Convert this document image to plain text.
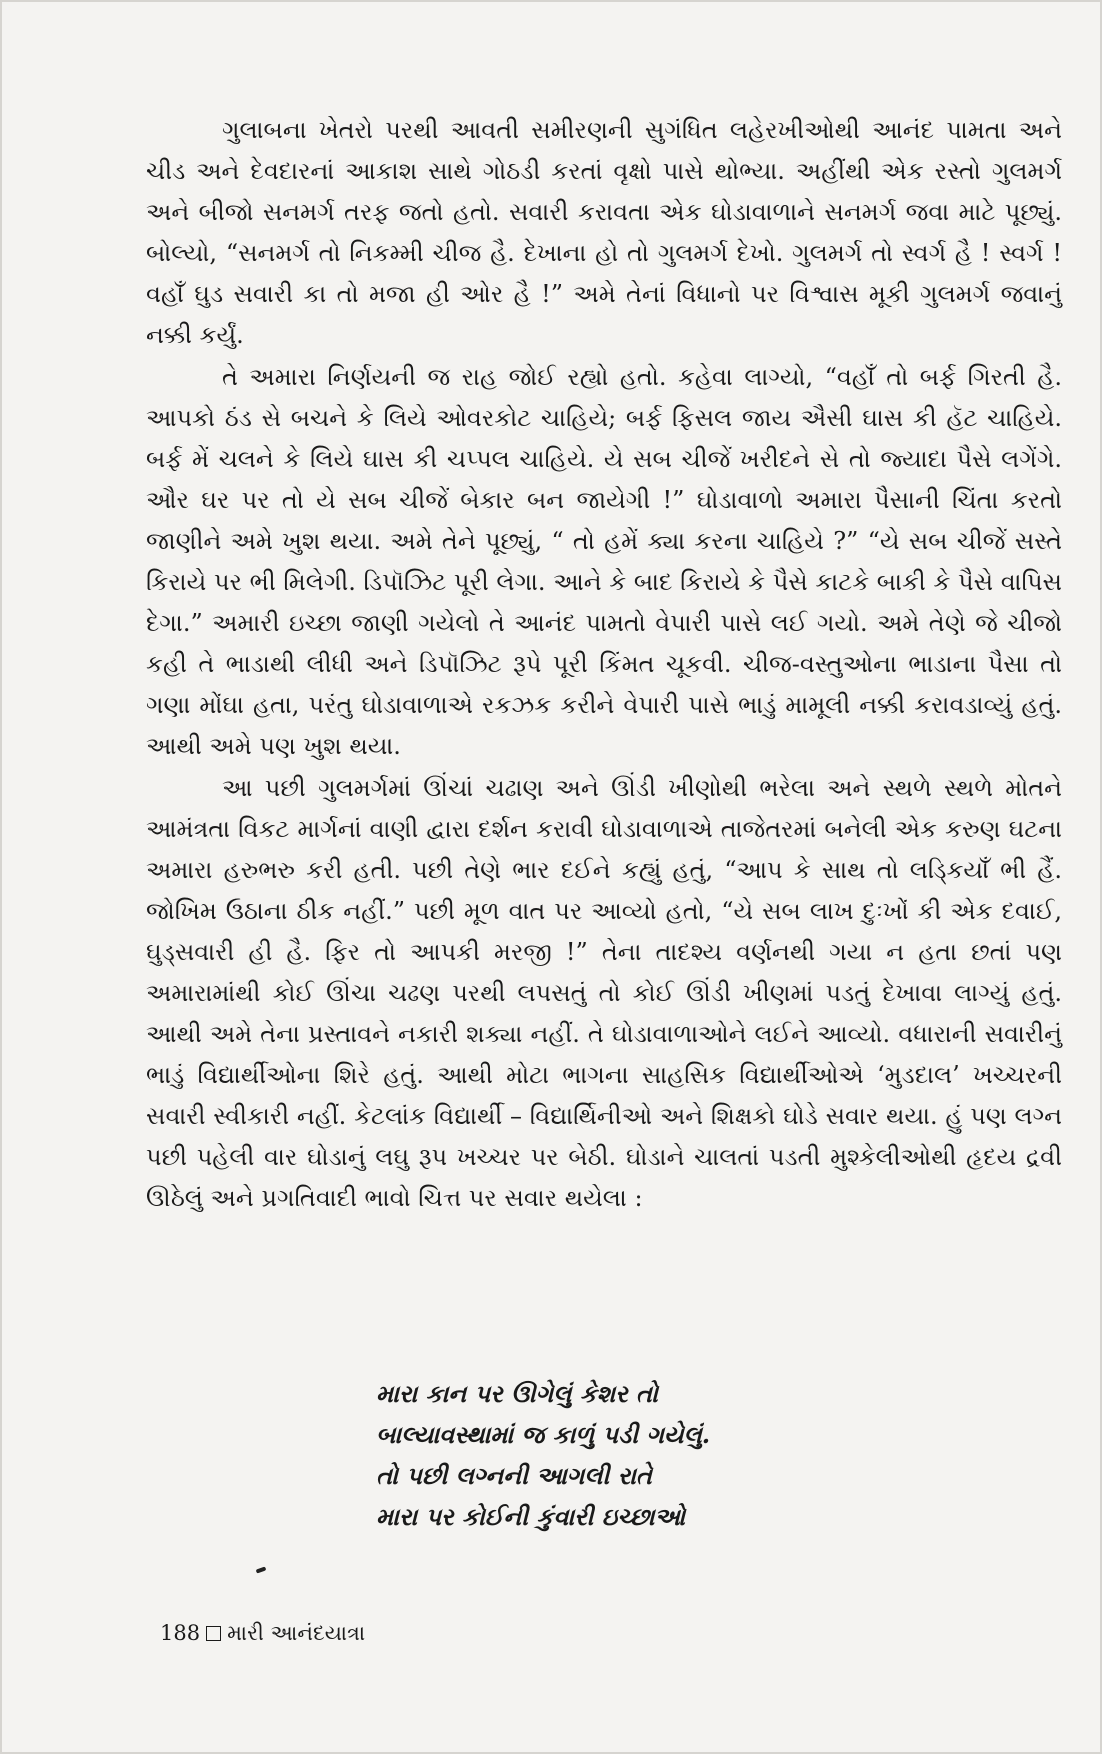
ગુલાબના ખેતરો પરથી આવતી સમીરણની સુગંધિત લહેરખીઓથી આનંદ પામતા અને ચીડ અને દેવદારનાં આકાશ સાથે ગોઠડી કરતાં વૃક્ષો પાસે થોભ્યા. અહીંથી એક રસ્તો ગુલમર્ગ અને બીજો સનમર્ગ તરફ જતો હતો. સવારી કરાવતા એક ઘોડાવાળાને સનમર્ગ જવા માટે પૂછ્યું. બોલ્યો, “સનમર્ગ તો નિકમ્મી ચીજ હૈ. દેખાના હો તો ગુલમર્ગ દેખો. ગુલમર્ગ તો સ્વર્ગ હૈ ! સ્વર્ગ ! વહાઁ ઘુડ સવારી કા તો મજા હી ઓર હૈ !” અમે તેનાં વિધાનો પર વિશ્વાસ મૂકી ગુલમર્ગ જવાનું નક્કી કર્યું.

તે અમારા નિર્ણયની જ રાહ જોઈ રહ્યો હતો. કહેવા લાગ્યો, “વહાઁ તો બર્ફ ગિરતી હૈ. આપકો ઠંડ સે બચને કે લિયે ઓવરકોટ ચાહિયે; બર્ફ ફિસલ જાય ઐસી ઘાસ કી હૅટ ચાહિયે. બર્ફ મેં ચલને કે લિયે ઘાસ કી ચપ્પલ ચાહિયે. યે સબ ચીજેં ખરીદને સે તો જ્યાદા પૈસે લગેંગે. ઔર ઘર પર તો યે સબ ચીજેં બેકાર બન જાયેગી !” ઘોડાવાળો અમારા પૈસાની ચિંતા કરતો જાણીને અમે ખુશ થયા. અમે તેને પૂછ્યું, “ તો હમેં ક્યા કરના ચાહિયે ?” “યે સબ ચીજેં સસ્તે કિરાયે પર ભી મિલેગી. ડિપૉઝિટ પૂરી લેગા. આને કે બાદ કિરાયે કે પૈસે કાટકે બાકી કે પૈસે વાપિસ દેગા.” અમારી ઇચ્છા જાણી ગયેલો તે આનંદ પામતો વેપારી પાસે લઈ ગયો. અમે તેણે જે ચીજો કહી તે ભાડાથી લીધી અને ડિપૉઝિટ રૂપે પૂરી કિંમત ચૂકવી. ચીજ-વસ્તુઓના ભાડાના પૈસા તો ગણા મોંઘા હતા, પરંતુ ઘોડાવાળાએ રકઝક કરીને વેપારી પાસે ભાડું મામૂલી નક્કી કરાવડાવ્યું હતું. આથી અમે પણ ખુશ થયા.

આ પછી ગુલમર્ગમાં ઊંચાં ચઢાણ અને ઊંડી ખીણોથી ભરેલા અને સ્થળે સ્થળે મોતને આમંત્રતા વિકટ માર્ગનાં વાણી દ્વારા દર્શન કરાવી ઘોડાવાળાએ તાજેતરમાં બનેલી એક કરુણ ઘટના અમારા હરુભરુ કરી હતી. પછી તેણે ભાર દઈને કહ્યું હતું, “આપ કે સાથ તો લડ્કિયાઁ ભી હૈં. જોખિમ ઉઠાના ઠીક નહીં.” પછી મૂળ વાત પર આવ્યો હતો, “યે સબ લાખ દુઃખોં કી એક દવાઈ, ઘુડ્સવારી હી હૈ. ફિર તો આપકી મરજી !” તેના તાદશ્ય વર્ણનથી ગયા ન હતા છતાં પણ અમારામાંથી કોઈ ઊંચા ચઢણ પરથી લપસતું તો કોઈ ઊંડી ખીણમાં પડતું દેખાવા લાગ્યું હતું. આથી અમે તેના પ્રસ્તાવને નકારી શક્યા નહીં. તે ઘોડાવાળાઓને લઈને આવ્યો. વધારાની સવારીનું ભાડું વિદ્યાર્થીઓના શિરે હતું. આથી મોટા ભાગના સાહસિક વિદ્યાર્થીઓએ ‘મુડદાલ’ ખચ્ચરની સવારી સ્વીકારી નહીં. કેટલાંક વિદ્યાર્થી – વિદ્યાર્થિનીઓ અને શિક્ષકો ઘોડે સવાર થયા. હું પણ લગ્ન પછી પહેલી વાર ઘોડાનું લઘુ રૂપ ખચ્ચર પર બેઠી. ઘોડાને ચાલતાં પડતી મુશ્કેલીઓથી હૃદય દ્રવી ઊઠેલું અને પ્રગતિવાદી ભાવો ચિત્ત પર સવાર થયેલા :

મારા કાન પર ઊગેલું કેશર તો
બાલ્યાવસ્થામાં જ કાળું પડી ગયેલું.
તો પછી લગ્નની આગલી રાતે
મારા પર કોઈની કુંવારી ઇચ્છાઓ
188 મારી આનંદયાત્રા
